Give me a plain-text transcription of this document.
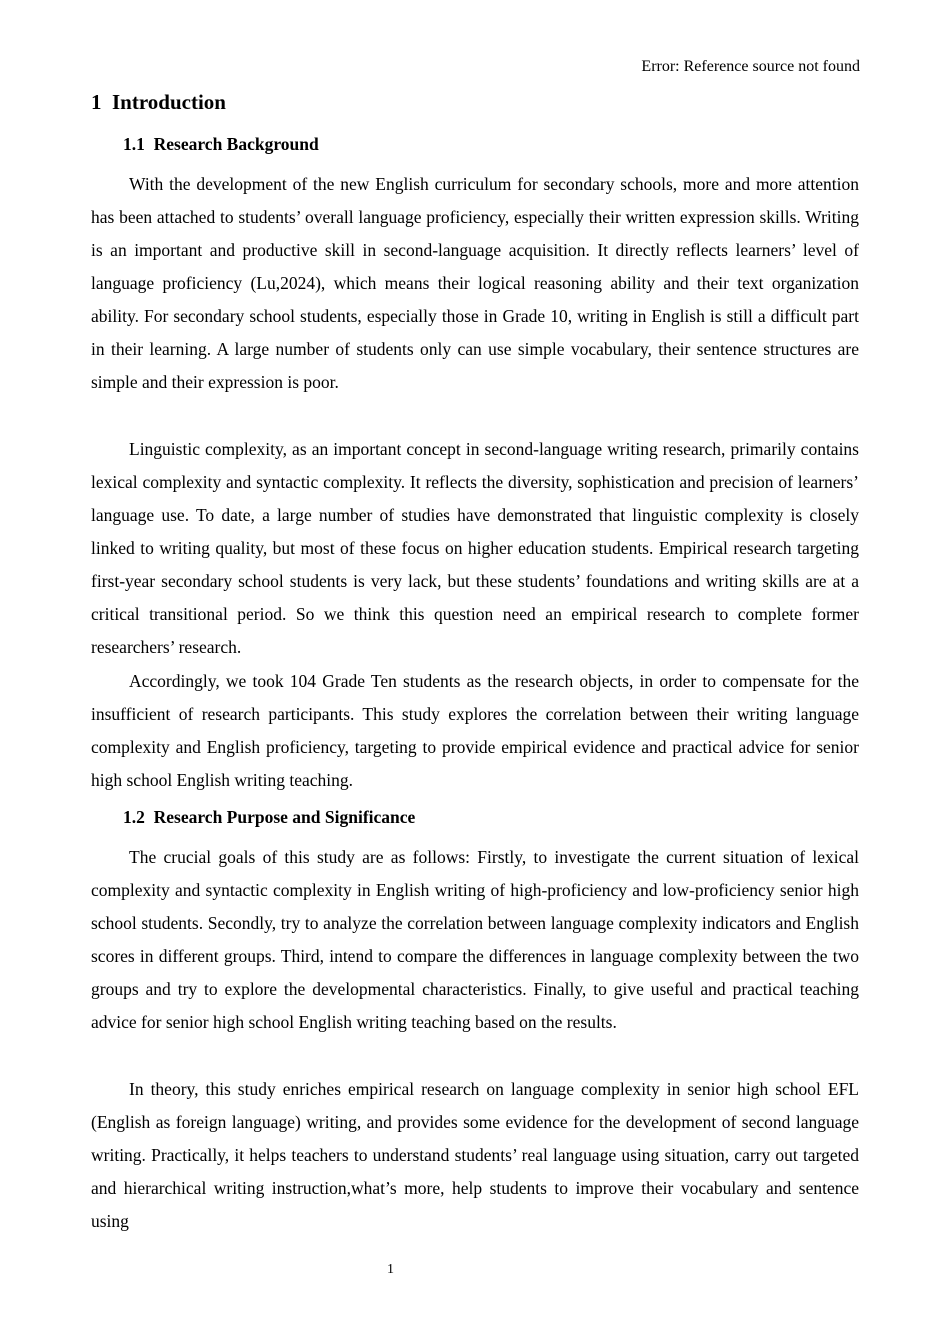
Error: Reference source not found
1 Introduction
1.1 Research Background

With the development of the new English curriculum for secondary schools, more and more attention has been attached to students’ overall language proficiency, especially their written expression skills. Writing is an important and productive skill in second-language acquisition. It directly reflects learners’ level of language proficiency (Lu,2024), which means their logical reasoning ability and their text organization ability. For secondary school students, especially those in Grade 10, writing in English is still a difficult part in their learning. A large number of students only can use simple vocabulary, their sentence structures are simple and their expression is poor.

Linguistic complexity, as an important concept in second-language writing research, primarily contains lexical complexity and syntactic complexity. It reflects the diversity, sophistication and precision of learners’ language use. To date, a large number of studies have demonstrated that linguistic complexity is closely linked to writing quality, but most of these focus on higher education students. Empirical research targeting first-year secondary school students is very lack, but these students’ foundations and writing skills are at a critical transitional period. So we think this question need an empirical research to complete former researchers’ research.

Accordingly, we took 104 Grade Ten students as the research objects, in order to compensate for the insufficient of research participants. This study explores the correlation between their writing language complexity and English proficiency, targeting to provide empirical evidence and practical advice for senior high school English writing teaching.

1.2 Research Purpose and Significance

The crucial goals of this study are as follows: Firstly, to investigate the current situation of lexical complexity and syntactic complexity in English writing of high-proficiency and low-proficiency senior high school students. Secondly, try to analyze the correlation between language complexity indicators and English scores in different groups. Third, intend to compare the differences in language complexity between the two groups and try to explore the developmental characteristics. Finally, to give useful and practical teaching advice for senior high school English writing teaching based on the results.

In theory, this study enriches empirical research on language complexity in senior high school EFL (English as foreign language) writing, and provides some evidence for the development of second language writing. Practically, it helps teachers to understand students’ real language using situation, carry out targeted and hierarchical writing instruction,what’s more, help students to improve their vocabulary and sentence using

1
